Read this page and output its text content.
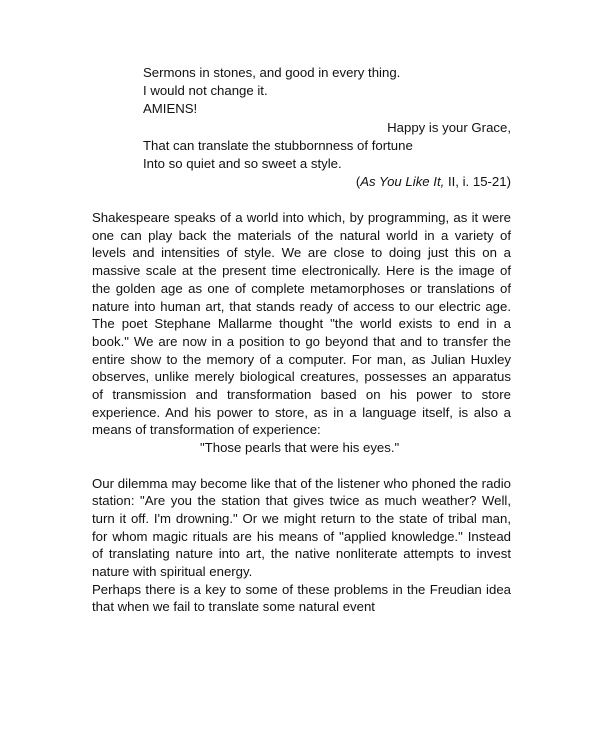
Sermons in stones, and good in every thing.
I would not change it.
AMIENS!
Happy is your Grace,
That can translate the stubbornness of fortune
Into so quiet and so sweet a style.
(As You Like It, II, i. 15-21)

Shakespeare speaks of a world into which, by programming, as it were one can play back the materials of the natural world in a variety of levels and intensities of style. We are close to doing just this on a massive scale at the present time electronically. Here is the image of the golden age as one of complete metamorphoses or translations of nature into human art, that stands ready of access to our electric age. The poet Stephane Mallarme thought "the world exists to end in a book." We are now in a position to go beyond that and to transfer the entire show to the memory of a computer. For man, as Julian Huxley observes, unlike merely biological creatures, possesses an apparatus of transmission and transformation based on his power to store experience. And his power to store, as in a language itself, is also a means of transformation of experience:

"Those pearls that were his eyes."

Our dilemma may become like that of the listener who phoned the radio station: "Are you the station that gives twice as much weather? Well, turn it off. I'm drowning." Or we might return to the state of tribal man, for whom magic rituals are his means of "applied knowledge." Instead of translating nature into art, the native nonliterate attempts to invest nature with spiritual energy.

Perhaps there is a key to some of these problems in the Freudian idea that when we fail to translate some natural event
